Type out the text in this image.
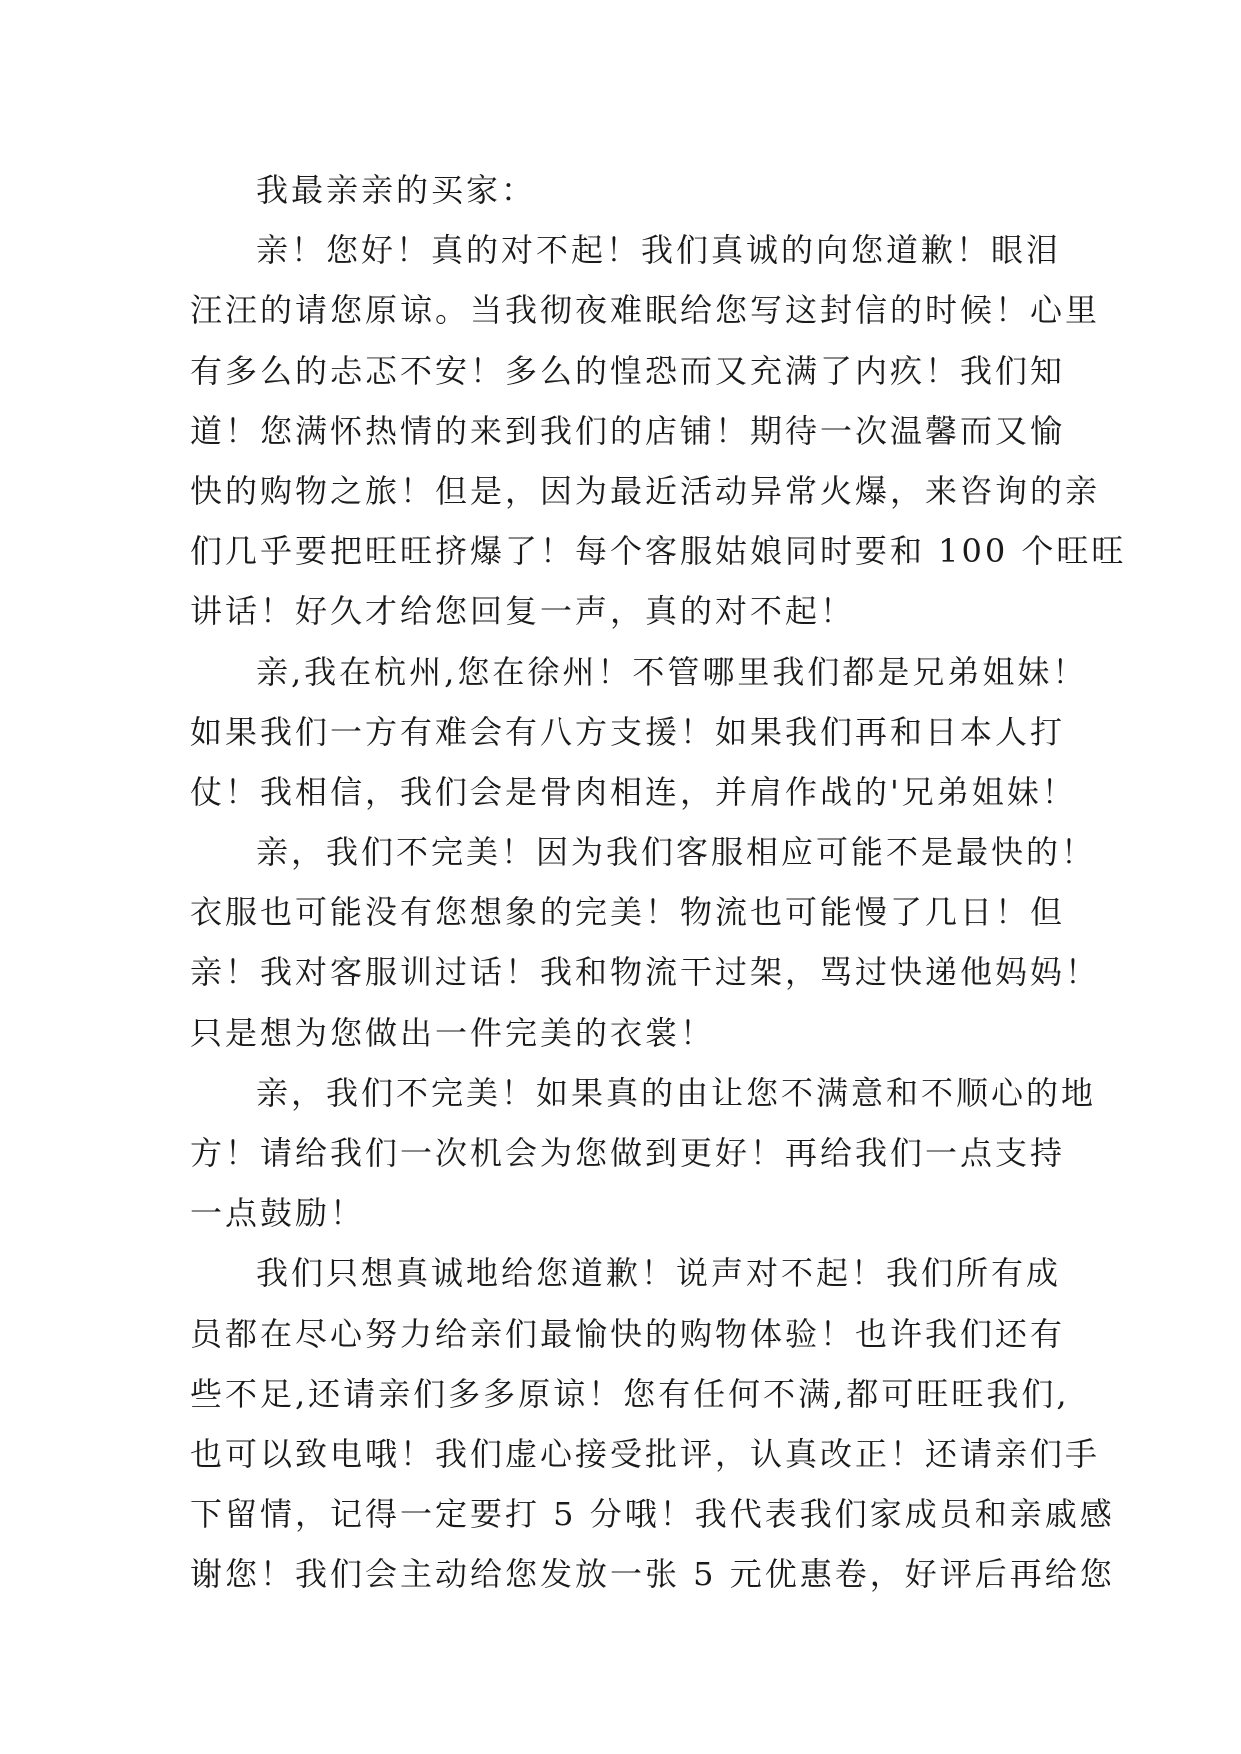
我最亲亲的买家：
亲！您好！真的对不起！我们真诚的向您道歉！眼泪
汪汪的请您原谅。当我彻夜难眠给您写这封信的时候！心里
有多么的忐忑不安！多么的惶恐而又充满了内疚！我们知
道！您满怀热情的来到我们的店铺！期待一次温馨而又愉
快的购物之旅！但是，因为最近活动异常火爆，来咨询的亲
们几乎要把旺旺挤爆了！每个客服姑娘同时要和 100 个旺旺
讲话！好久才给您回复一声，真的对不起！
亲,我在杭州,您在徐州！不管哪里我们都是兄弟姐妹！
如果我们一方有难会有八方支援！如果我们再和日本人打
仗！我相信，我们会是骨肉相连，并肩作战的'兄弟姐妹！
亲，我们不完美！因为我们客服相应可能不是最快的！
衣服也可能没有您想象的完美！物流也可能慢了几日！但
亲！我对客服训过话！我和物流干过架，骂过快递他妈妈！
只是想为您做出一件完美的衣裳！
亲，我们不完美！如果真的由让您不满意和不顺心的地
方！请给我们一次机会为您做到更好！再给我们一点支持
一点鼓励！
我们只想真诚地给您道歉！说声对不起！我们所有成
员都在尽心努力给亲们最愉快的购物体验！也许我们还有
些不足,还请亲们多多原谅！您有任何不满,都可旺旺我们,
也可以致电哦！我们虚心接受批评，认真改正！还请亲们手
下留情，记得一定要打 5 分哦！我代表我们家成员和亲戚感
谢您！我们会主动给您发放一张 5 元优惠卷，好评后再给您
